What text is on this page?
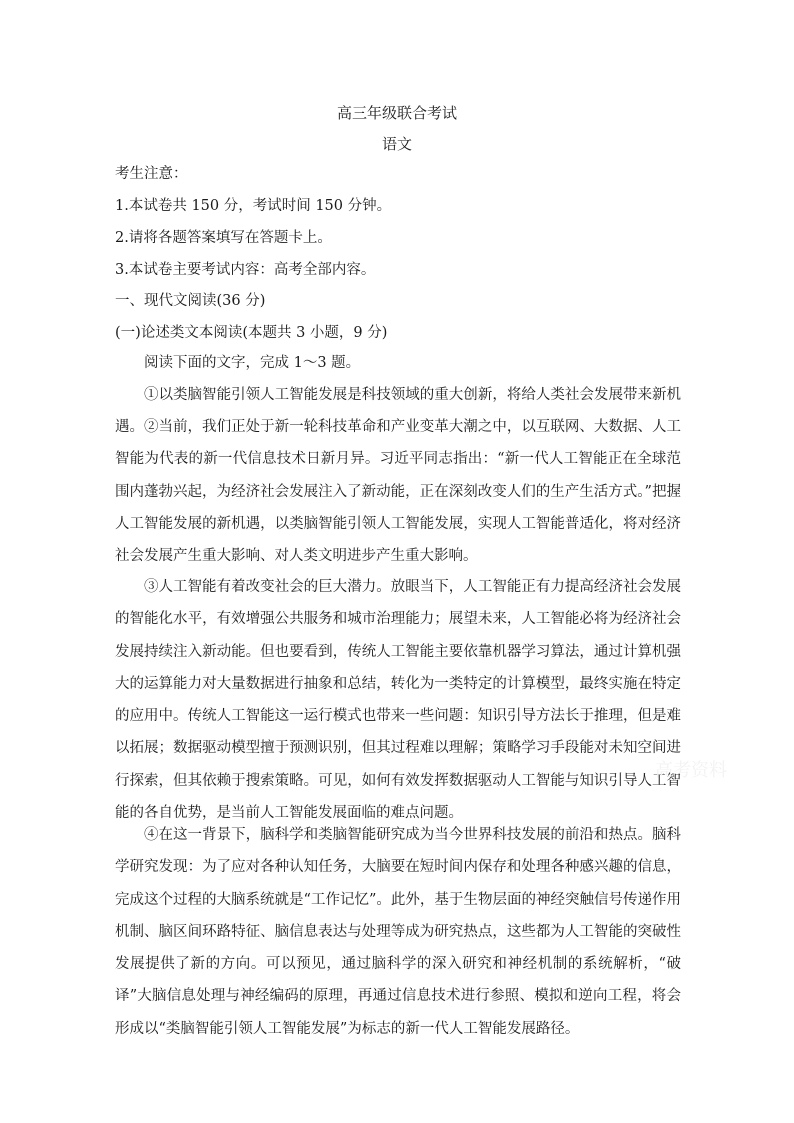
高三年级联合考试
语文
考生注意：
1.本试卷共 150 分，考试时间 150 分钟。
2.请将各题答案填写在答题卡上。
3.本试卷主要考试内容：高考全部内容。
一、现代文阅读(36 分)
(一)论述类文本阅读(本题共 3 小题，9 分)
阅读下面的文字，完成 1～3 题。
①以类脑智能引领人工智能发展是科技领域的重大创新，将给人类社会发展带来新机遇。 ②当前，我们正处于新一轮科技革命和产业变革大潮之中，以互联网、大数据、人工智能为代表的新一代信息技术日新月异。习近平同志指出：“新一代人工智能正在全球范围内蓬勃兴起，为经济社会发展注入了新动能，正在深刻改变人们的生产生活方式。”把握人工智能发展的新机遇，以类脑智能引领人工智能发展，实现人工智能普适化，将对经济社会发展产生重大影响、对人类文明进步产生重大影响。
③人工智能有着改变社会的巨大潜力。放眼当下，人工智能正有力提高经济社会发展的智能化水平，有效增强公共服务和城市治理能力；展望未来，人工智能必将为经济社会发展持续注入新动能。但也要看到，传统人工智能主要依靠机器学习算法，通过计算机强大的运算能力对大量数据进行抽象和总结，转化为一类特定的计算模型，最终实施在特定的应用中。传统人工智能这一运行模式也带来一些问题：知识引导方法长于推理，但是难以拓展；数据驱动模型擅于预测识别，但其过程难以理解；策略学习手段能对未知空间进行探索，但其依赖于搜索策略。可见，如何有效发挥数据驱动人工智能与知识引导人工智能的各自优势，是当前人工智能发展面临的难点问题。
④在这一背景下，脑科学和类脑智能研究成为当今世界科技发展的前沿和热点。脑科学研究发现：为了应对各种认知任务，大脑要在短时间内保存和处理各种感兴趣的信息，完成这个过程的大脑系统就是“工作记忆”。此外，基于生物层面的神经突触信号传递作用机制、脑区间环路特征、脑信息表达与处理等成为研究热点，这些都为人工智能的突破性发展提供了新的方向。可以预见，通过脑科学的深入研究和神经机制的系统解析，“破译”大脑信息处理与神经编码的原理，再通过信息技术进行参照、模拟和逆向工程，将会形成以“类脑智能引领人工智能发展”为标志的新一代人工智能发展路径。
高考资料
